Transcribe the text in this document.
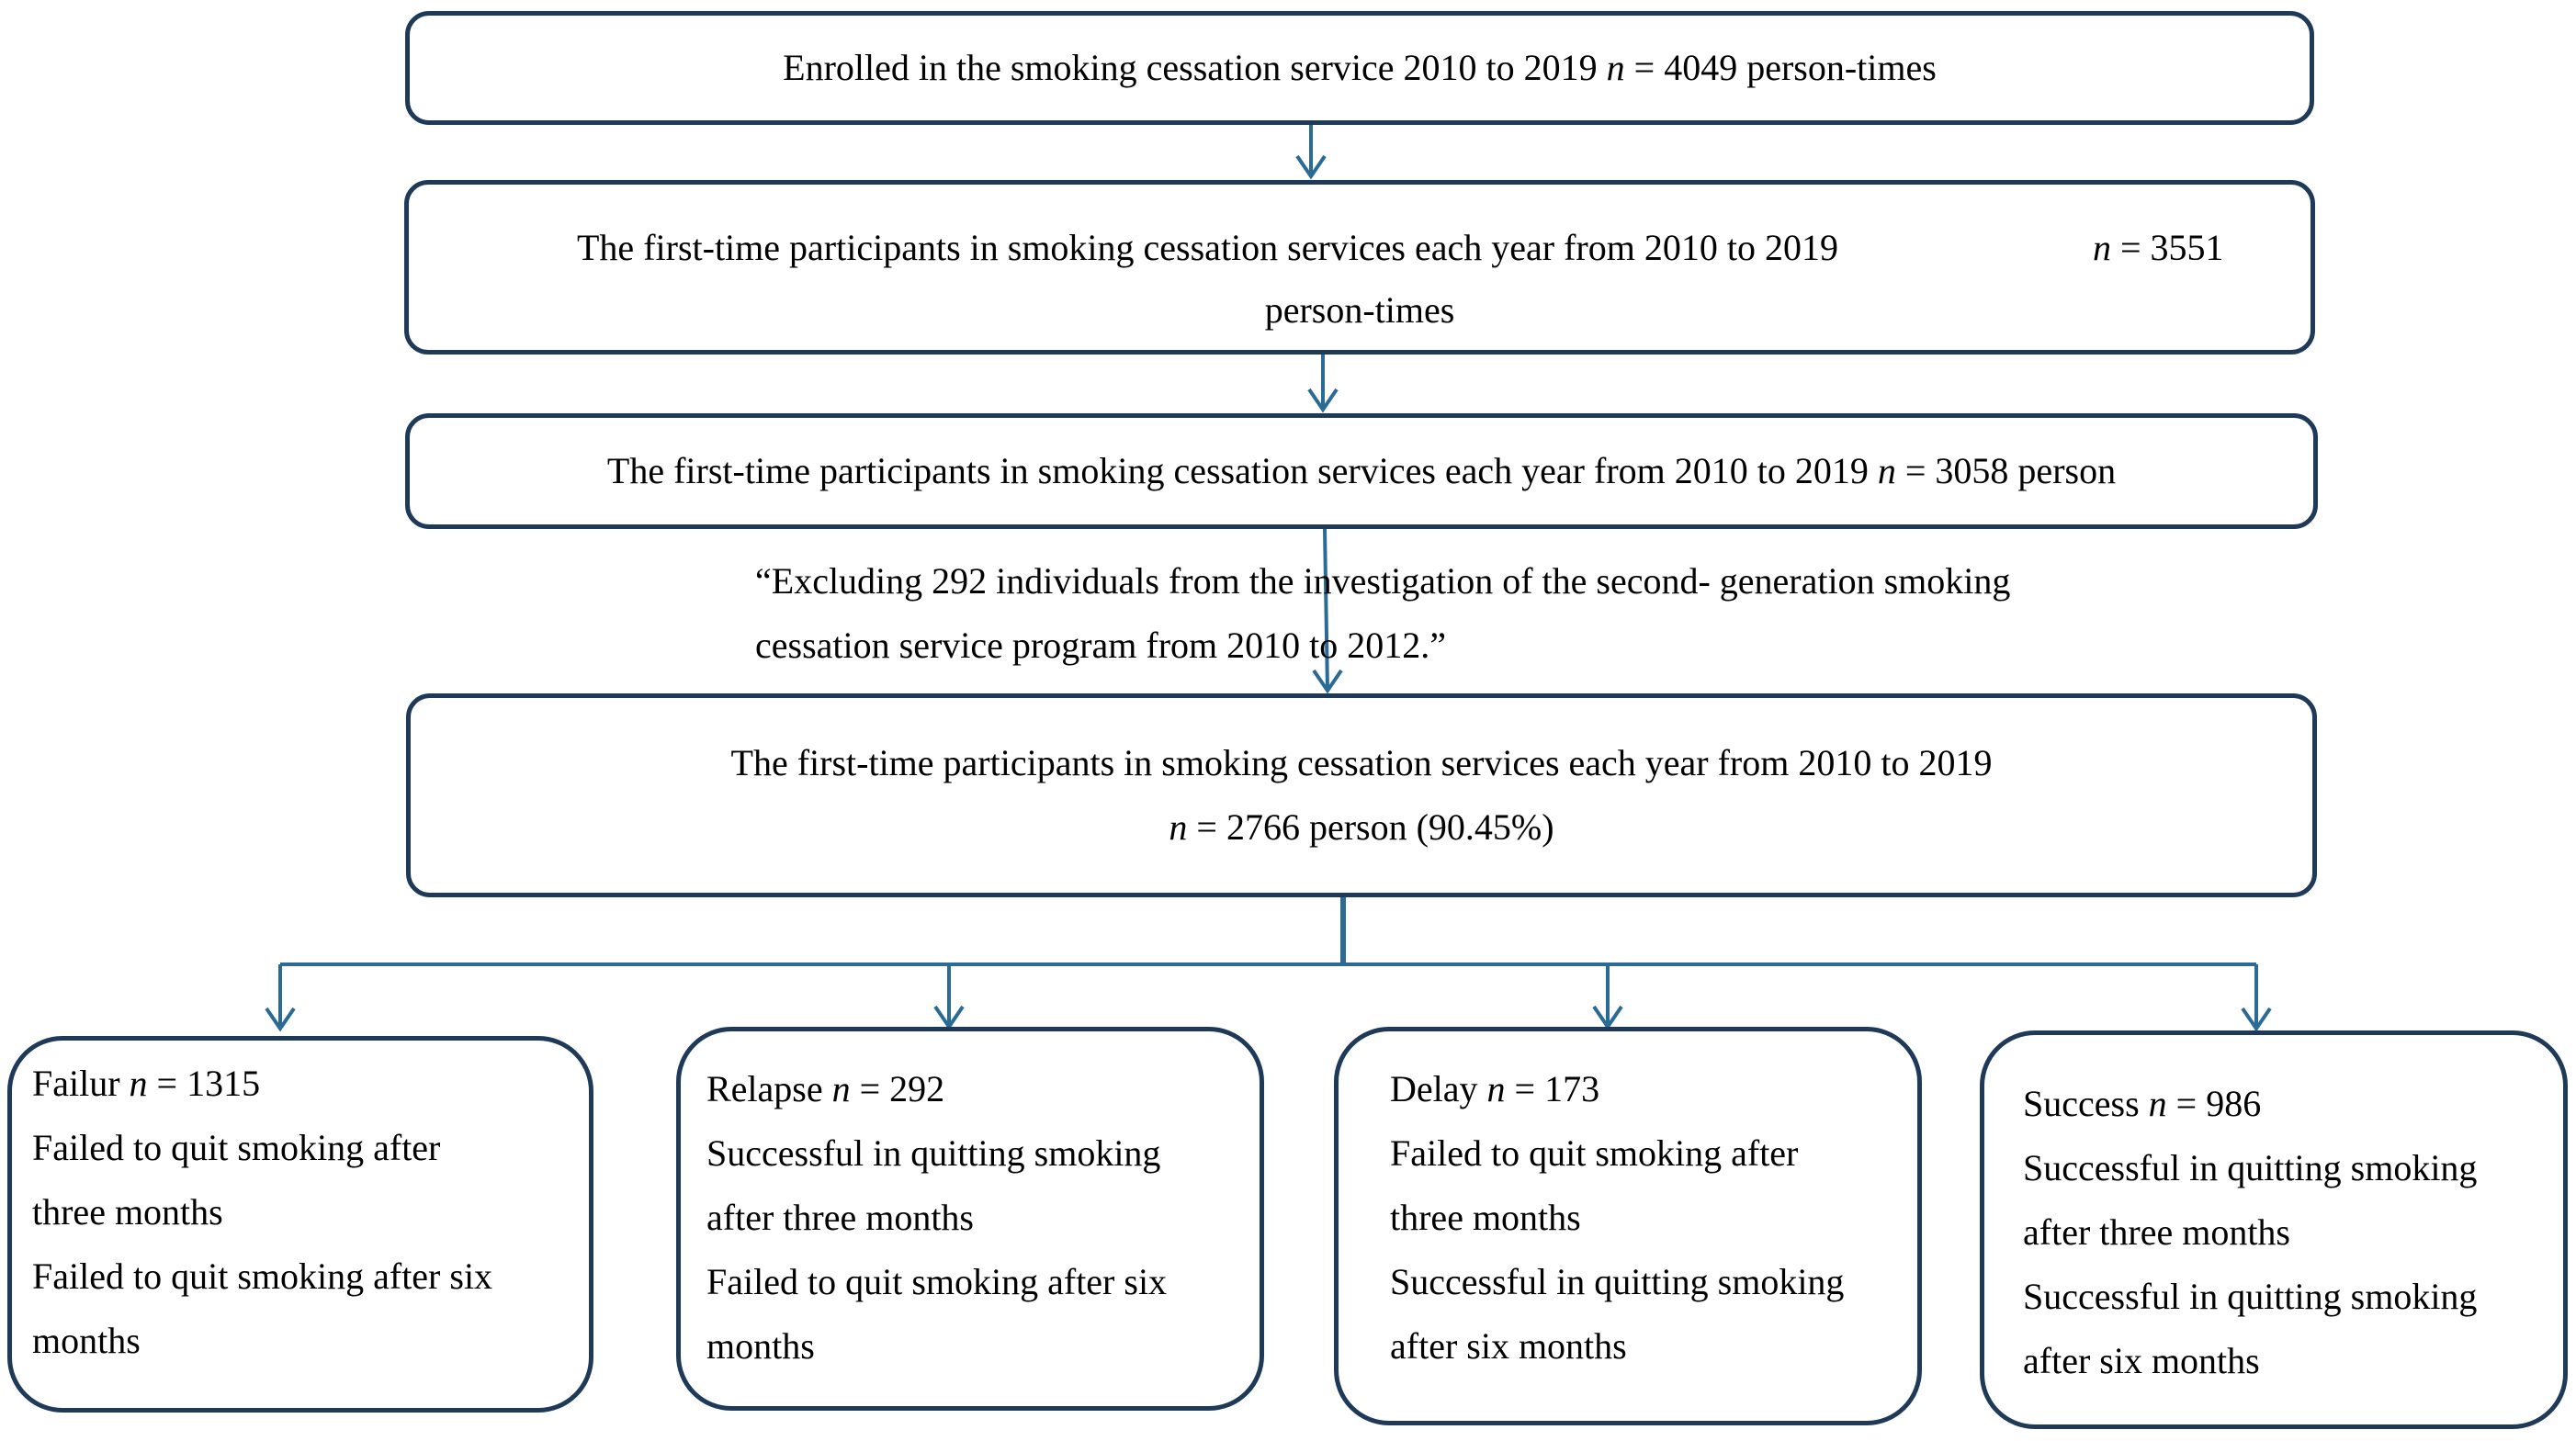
Enrolled in the smoking cessation service 2010 to 2019 n = 4049 person-times
The first-time participants in smoking cessation services each year from 2010 to 2019	n = 3551
person-times
The first-time participants in smoking cessation services each year from 2010 to 2019 n = 3058 person
“Excluding 292 individuals from the investigation of the second- generation smoking
cessation service program from 2010 to 2012.”
The first-time participants in smoking cessation services each year from 2010 to 2019
n = 2766 person (90.45%)
Failur n = 1315
Failed to quit smoking after
three months
Failed to quit smoking after six
months
Relapse n = 292
Successful in quitting smoking
after three months
Failed to quit smoking after six
months
Delay n = 173
Failed to quit smoking after
three months
Successful in quitting smoking
after six months
Success n = 986
Successful in quitting smoking
after three months
Successful in quitting smoking
after six months
